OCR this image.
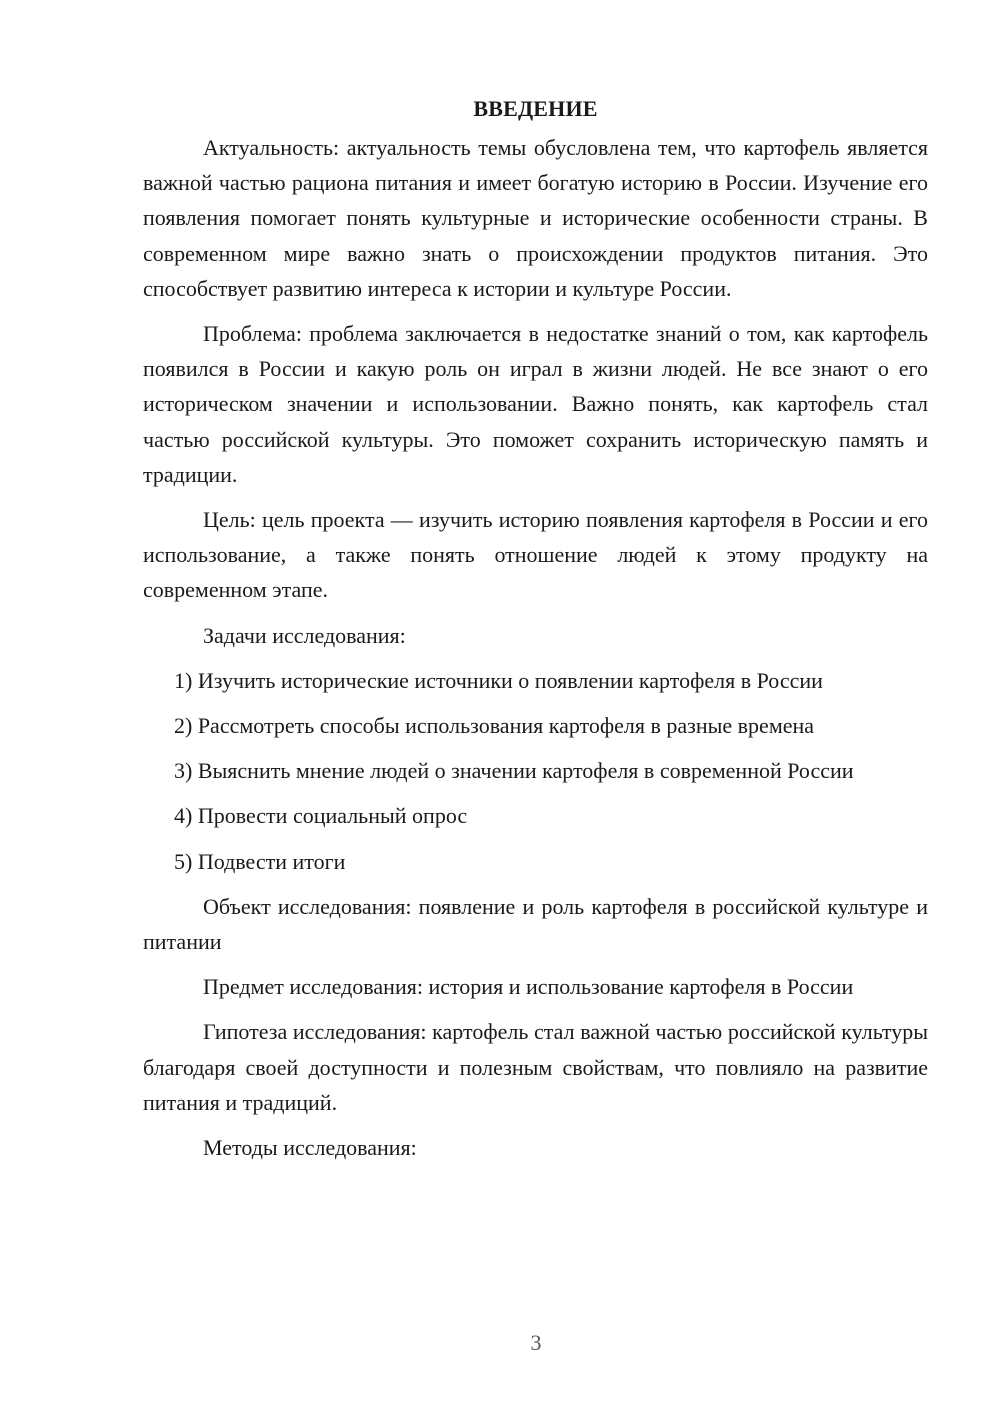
ВВЕДЕНИЕ

Актуальность: актуальность темы обусловлена тем, что картофель является важной частью рациона питания и имеет богатую историю в России. Изучение его появления помогает понять культурные и исторические особенности страны. В современном мире важно знать о происхождении продуктов питания. Это способствует развитию интереса к истории и культуре России.

Проблема: проблема заключается в недостатке знаний о том, как картофель появился в России и какую роль он играл в жизни людей. Не все знают о его историческом значении и использовании. Важно понять, как картофель стал частью российской культуры. Это поможет сохранить историческую память и традиции.

Цель: цель проекта — изучить историю появления картофеля в России и его использование, а также понять отношение людей к этому продукту на современном этапе.

Задачи исследования:

1) Изучить исторические источники о появлении картофеля в России

2) Рассмотреть способы использования картофеля в разные времена

3) Выяснить мнение людей о значении картофеля в современной России

4) Провести социальный опрос

5) Подвести итоги

Объект исследования: появление и роль картофеля в российской культуре и питании

Предмет исследования: история и использование картофеля в России

Гипотеза исследования: картофель стал важной частью российской культуры благодаря своей доступности и полезным свойствам, что повлияло на развитие питания и традиций.

Методы исследования:

3
